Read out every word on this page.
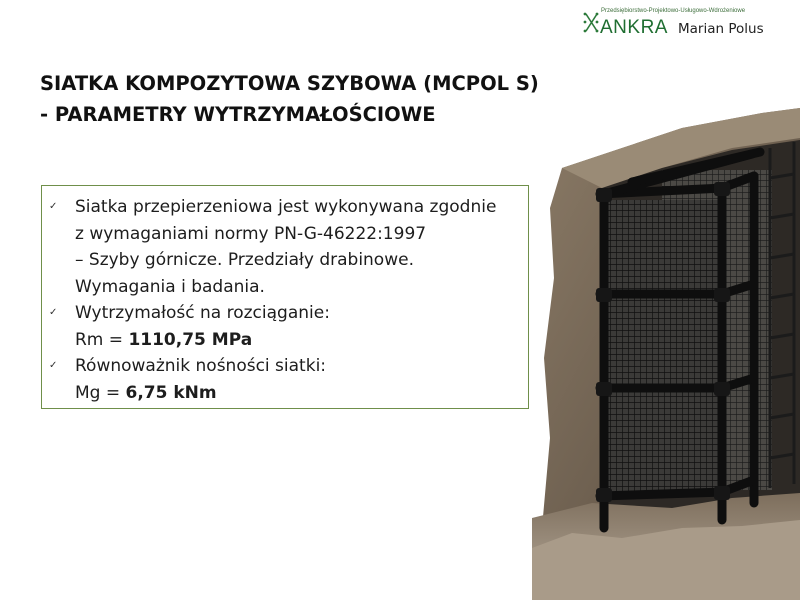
Przedsiębiorstwo-Projektowo-Usługowo-Wdrożeniowe
ANKRA Marian Polus
SIATKA KOMPOZYTOWA SZYBOWA (MCPOL S)
- PARAMETRY WYTRZYMAŁOŚCIOWE
✓ Siatka przepierzeniowa jest wykonywana zgodnie
z wymaganiami normy PN-G-46222:1997
– Szyby górnicze. Przedziały drabinowe.
Wymagania i badania.
✓ Wytrzymałość na rozciąganie:
Rm = 1110,75 MPa
✓ Równoważnik nośności siatki:
Mg = 6,75 kNm
